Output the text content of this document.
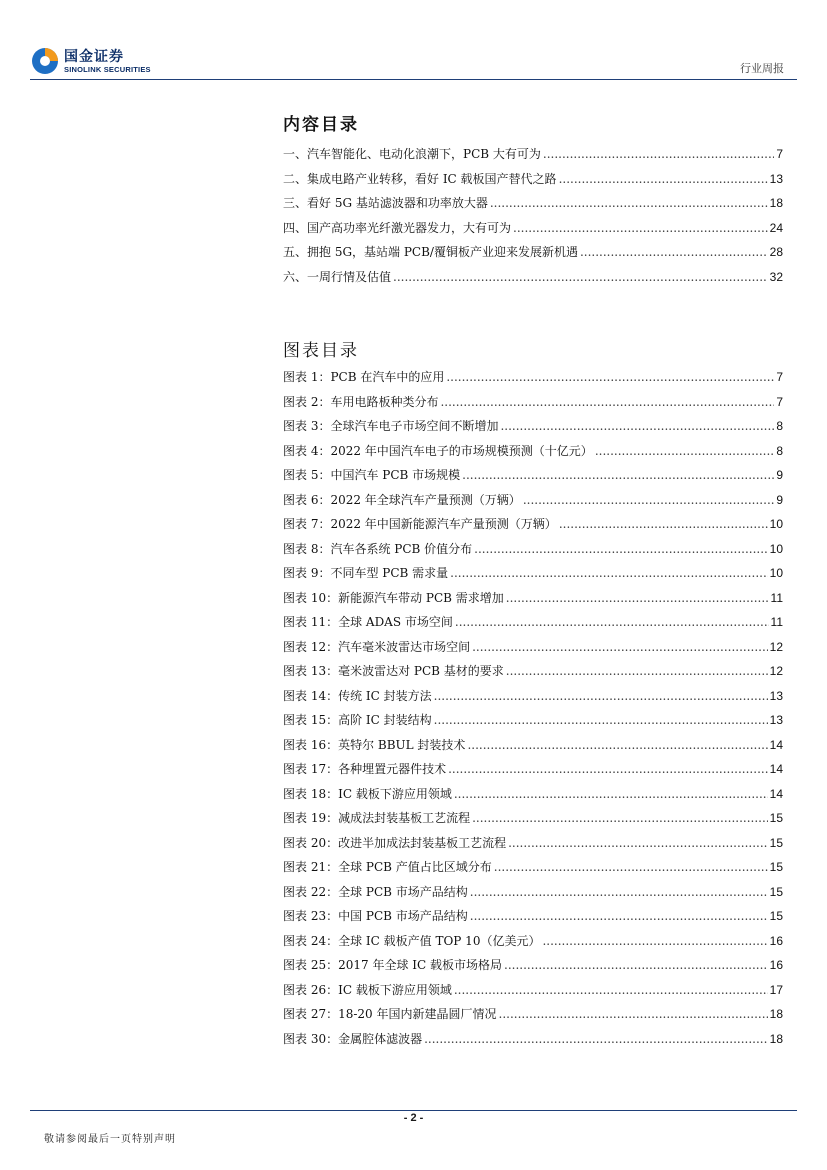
国金证券
SINOLINK SECURITIES	行业周报
内容目录
一、汽车智能化、电动化浪潮下，PCB 大有可为 .....	7
二、集成电路产业转移，看好 IC 载板国产替代之路 .....	13
三、看好 5G 基站滤波器和功率放大器 .....	18
四、国产高功率光纤激光器发力，大有可为 .....	24
五、拥抱 5G，基站端 PCB/覆铜板产业迎来发展新机遇 .....	28
六、一周行情及估值 .....	32
图表目录
图表 1：PCB 在汽车中的应用 .....	7
图表 2：车用电路板种类分布 .....	7
图表 3：全球汽车电子市场空间不断增加 .....	8
图表 4：2022 年中国汽车电子的市场规模预测（十亿元） .....	8
图表 5：中国汽车 PCB 市场规模 .....	9
图表 6：2022 年全球汽车产量预测（万辆） .....	9
图表 7：2022 年中国新能源汽车产量预测（万辆） .....	10
图表 8：汽车各系统 PCB 价值分布 .....	10
图表 9：不同车型 PCB 需求量 .....	10
图表 10：新能源汽车带动 PCB 需求增加 .....	11
图表 11：全球 ADAS 市场空间 .....	11
图表 12：汽车毫米波雷达市场空间 .....	12
图表 13：毫米波雷达对 PCB 基材的要求 .....	12
图表 14：传统 IC 封装方法 .....	13
图表 15：高阶 IC 封装结构 .....	13
图表 16：英特尔 BBUL 封装技术 .....	14
图表 17：各种埋置元器件技术 .....	14
图表 18：IC 载板下游应用领域 .....	14
图表 19：减成法封装基板工艺流程 .....	15
图表 20：改进半加成法封装基板工艺流程 .....	15
图表 21：全球 PCB 产值占比区域分布 .....	15
图表 22：全球 PCB 市场产品结构 .....	15
图表 23：中国 PCB 市场产品结构 .....	15
图表 24：全球 IC 载板产值 TOP 10（亿美元） .....	16
图表 25：2017 年全球 IC 载板市场格局 .....	16
图表 26：IC 载板下游应用领域 .....	17
图表 27：18-20 年国内新建晶圆厂情况 .....	18
图表 30：金属腔体滤波器 .....	18
- 2 -
敬请参阅最后一页特别声明
